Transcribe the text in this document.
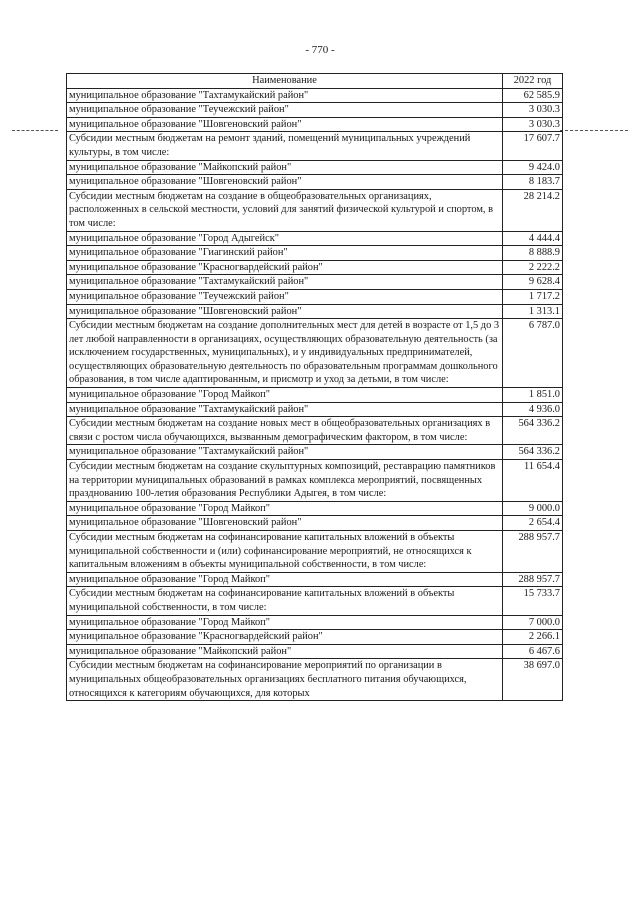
- 770 -
Наименование	2022 год
муниципальное образование "Тахтамукайский район"	62 585.9
муниципальное образование "Теучежский район"	3 030.3
муниципальное образование "Шовгеновский район"	3 030.3
Субсидии местным бюджетам на ремонт зданий, помещений муниципальных учреждений культуры, в том числе:	17 607.7
муниципальное образование "Майкопский район"	9 424.0
муниципальное образование "Шовгеновский район"	8 183.7
Субсидии местным бюджетам на создание в общеобразовательных организациях, расположенных в сельской местности, условий для занятий физической культурой и спортом, в том числе:	28 214.2
муниципальное образование "Город Адыгейск"	4 444.4
муниципальное образование "Гиагинский район"	8 888.9
муниципальное образование "Красногвардейский район"	2 222.2
муниципальное образование "Тахтамукайский район"	9 628.4
муниципальное образование "Теучежский район"	1 717.2
муниципальное образование "Шовгеновский район"	1 313.1
Субсидии местным бюджетам на создание дополнительных мест для детей в возрасте от 1,5 до 3 лет любой направленности в организациях, осуществляющих образовательную деятельность (за исключением государственных, муниципальных), и у индивидуальных предпринимателей, осуществляющих образовательную деятельность по образовательным программам дошкольного образования, в том числе адаптированным, и присмотр и уход за детьми, в том числе:	6 787.0
муниципальное образование "Город Майкоп"	1 851.0
муниципальное образование "Тахтамукайский район"	4 936.0
Субсидии местным бюджетам на создание новых мест в общеобразовательных организациях в связи с ростом числа обучающихся, вызванным демографическим фактором, в том числе:	564 336.2
муниципальное образование "Тахтамукайский район"	564 336.2
Субсидии местным бюджетам на создание скульптурных композиций, реставрацию памятников на территории муниципальных образований в рамках комплекса мероприятий, посвященных празднованию 100-летия образования Республики Адыгея, в том числе:	11 654.4
муниципальное образование "Город Майкоп"	9 000.0
муниципальное образование "Шовгеновский район"	2 654.4
Субсидии местным бюджетам на софинансирование капитальных вложений в объекты муниципальной собственности и (или) софинансирование мероприятий, не относящихся к капитальным вложениям в объекты муниципальной собственности, в том числе:	288 957.7
муниципальное образование "Город Майкоп"	288 957.7
Субсидии местным бюджетам на софинансирование капитальных вложений в объекты муниципальной собственности, в том числе:	15 733.7
муниципальное образование "Город Майкоп"	7 000.0
муниципальное образование "Красногвардейский район"	2 266.1
муниципальное образование "Майкопский район"	6 467.6
Субсидии местным бюджетам на софинансирование мероприятий по организации в муниципальных общеобразовательных организациях бесплатного питания обучающихся, относящихся к категориям обучающихся, для которых	38 697.0
